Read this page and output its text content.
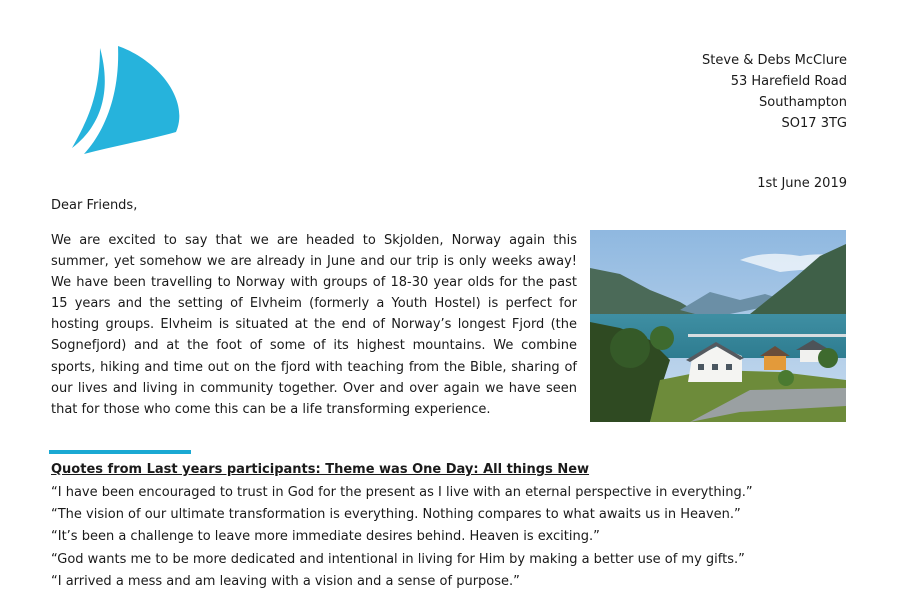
Steve & Debs McClure
53 Harefield Road
Southampton
SO17 3TG
1st June 2019
Dear Friends,

We are excited to say that we are headed to Skjolden, Norway again this summer, yet somehow we are already in June and our trip is only weeks away! We have been travelling to Norway with groups of 18-30 year olds for the past 15 years and the setting of Elvheim (formerly a Youth Hostel) is perfect for hosting groups. Elvheim is situated at the end of Norway’s longest Fjord (the Sognefjord) and at the foot of some of its highest mountains. We combine sports, hiking and time out on the fjord with teaching from the Bible, sharing of our lives and living in community together. Over and over again we have seen that for those who come this can be a life transforming experience.

Quotes from Last years participants: Theme was One Day: All things New
“I have been encouraged to trust in God for the present as I live with an eternal perspective in everything.”
“The vision of our ultimate transformation is everything. Nothing compares to what awaits us in Heaven.”
“It’s been a challenge to leave more immediate desires behind. Heaven is exciting.”
“God wants me to be more dedicated and intentional in living for Him by making a better use of my gifts.”
“I arrived a mess and am leaving with a vision and a sense of purpose.”
